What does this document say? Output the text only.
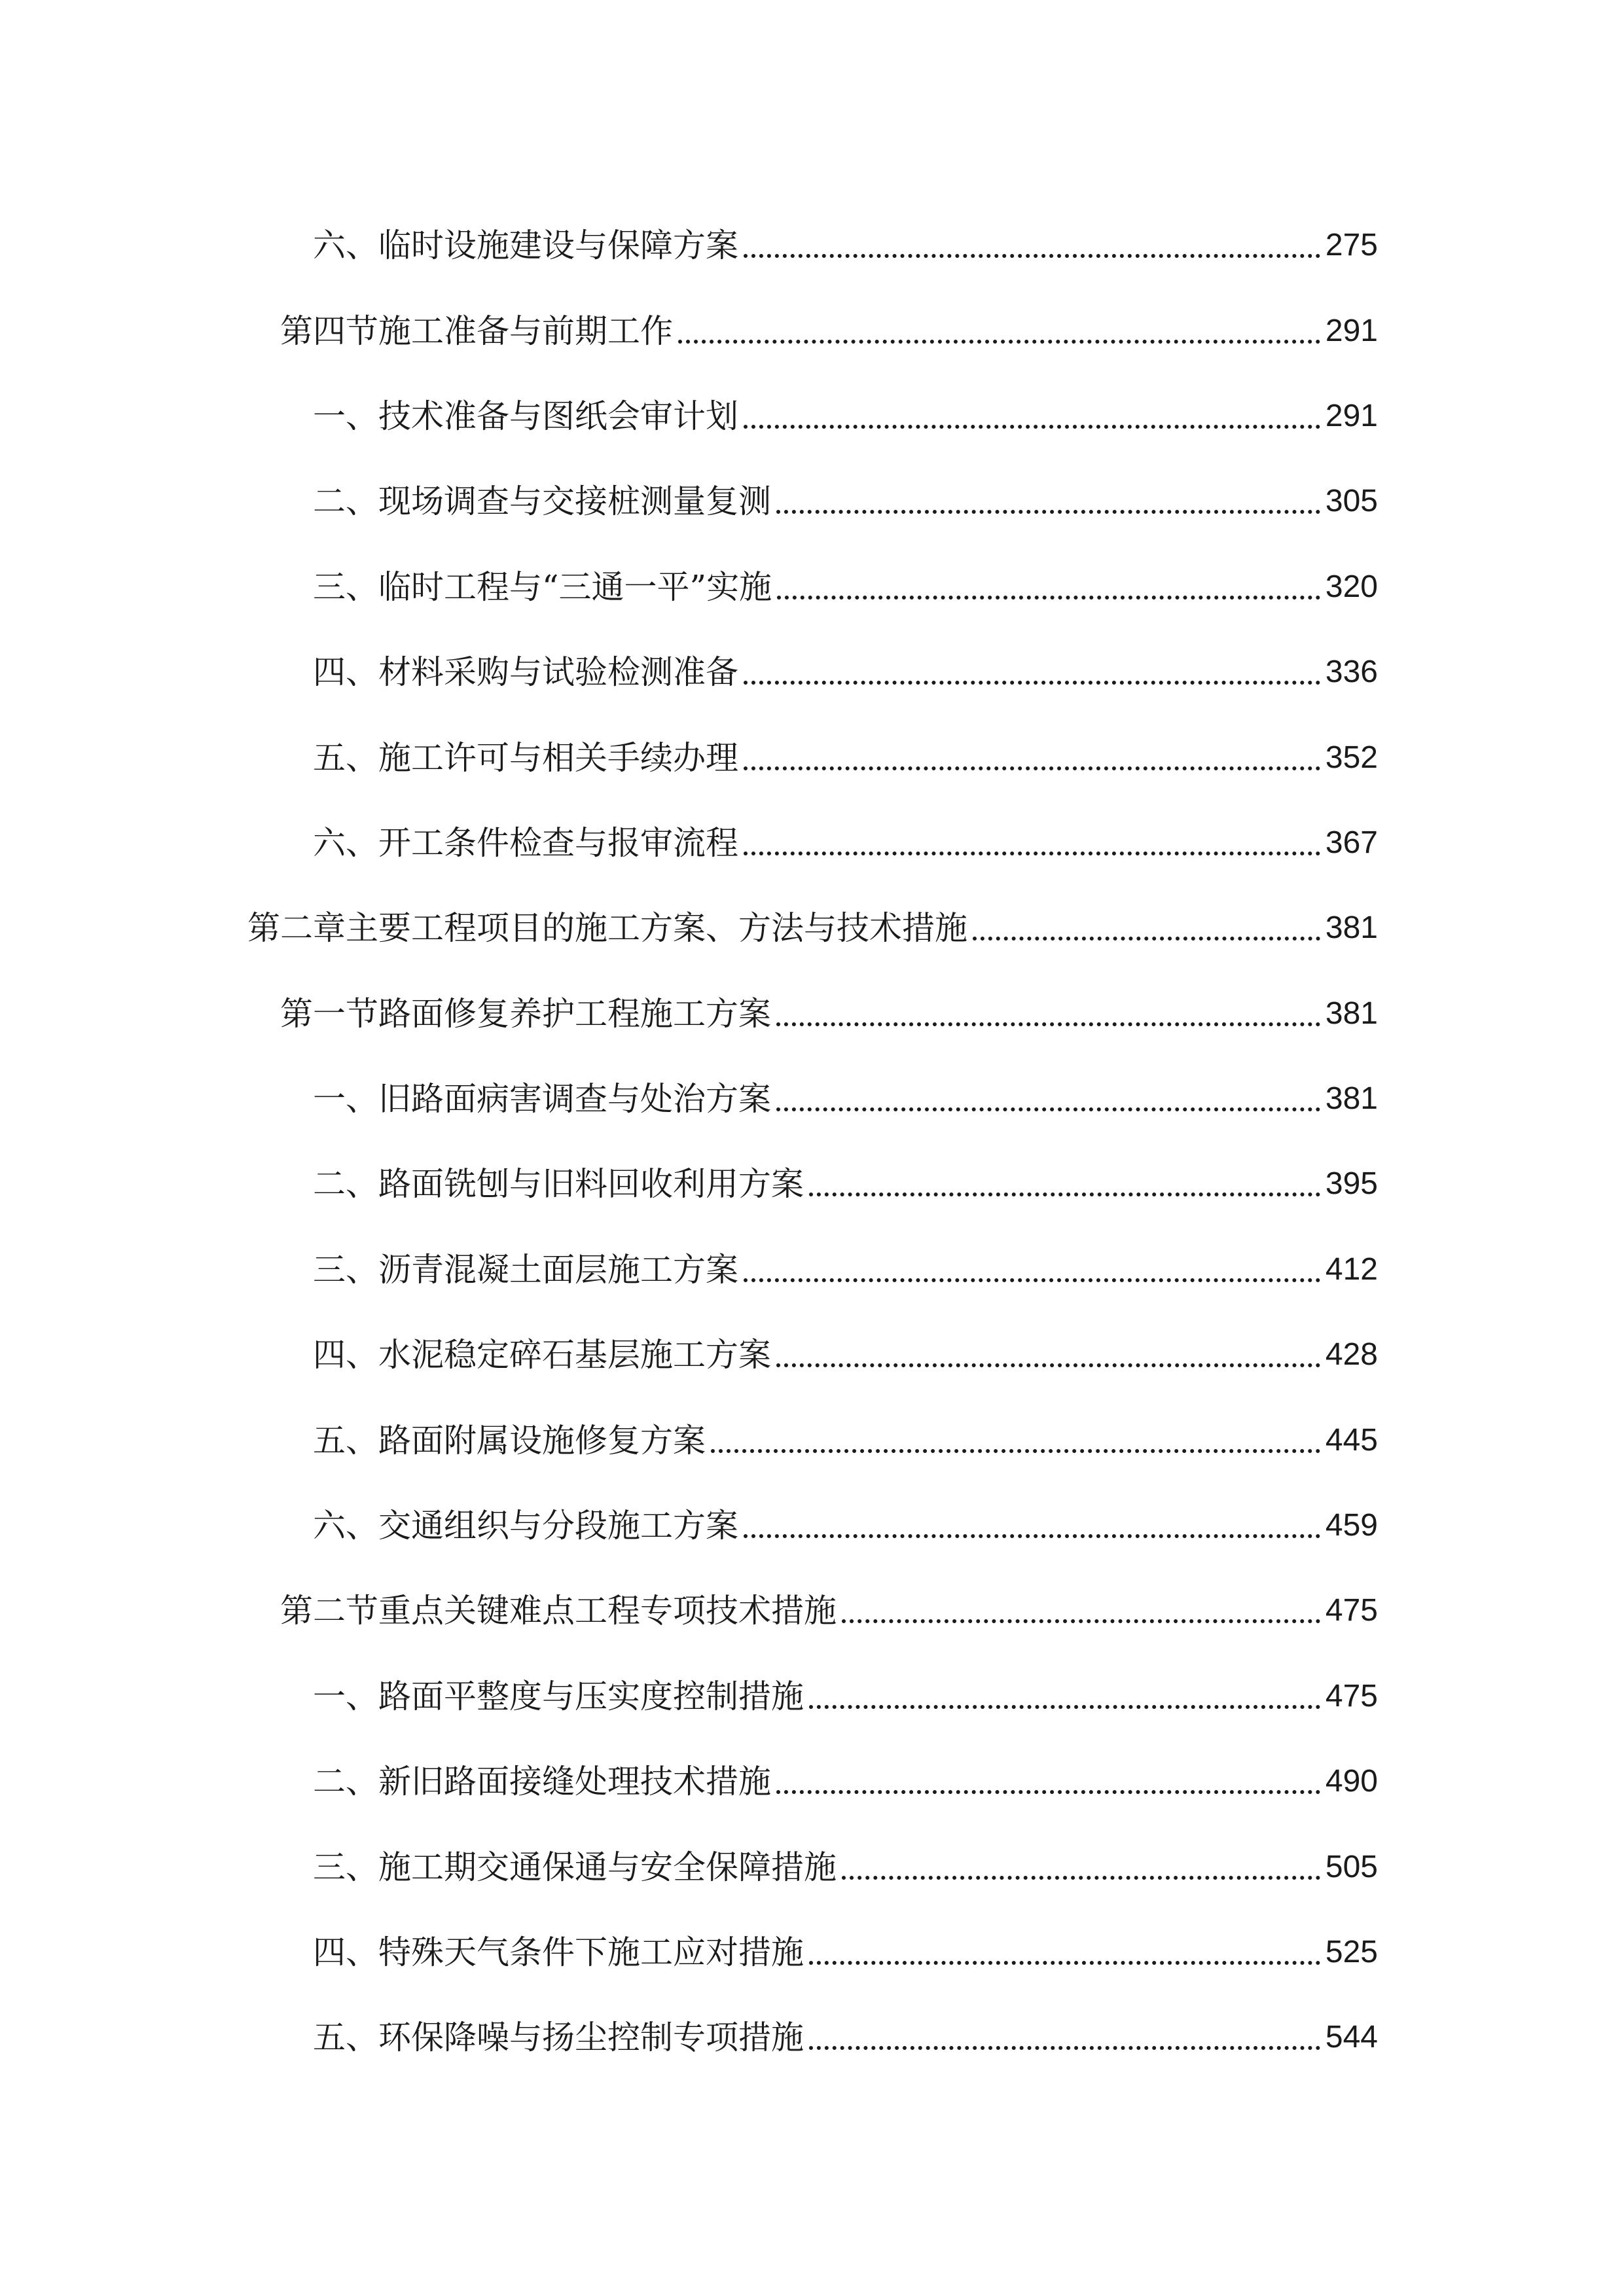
六、临时设施建设与保障方案	275
第四节施工准备与前期工作	291
一、技术准备与图纸会审计划	291
二、现场调查与交接桩测量复测	305
三、临时工程与“三通一平”实施	320
四、材料采购与试验检测准备	336
五、施工许可与相关手续办理	352
六、开工条件检查与报审流程	367
第二章主要工程项目的施工方案、方法与技术措施	381
第一节路面修复养护工程施工方案	381
一、旧路面病害调查与处治方案	381
二、路面铣刨与旧料回收利用方案	395
三、沥青混凝土面层施工方案	412
四、水泥稳定碎石基层施工方案	428
五、路面附属设施修复方案	445
六、交通组织与分段施工方案	459
第二节重点关键难点工程专项技术措施	475
一、路面平整度与压实度控制措施	475
二、新旧路面接缝处理技术措施	490
三、施工期交通保通与安全保障措施	505
四、特殊天气条件下施工应对措施	525
五、环保降噪与扬尘控制专项措施	544
